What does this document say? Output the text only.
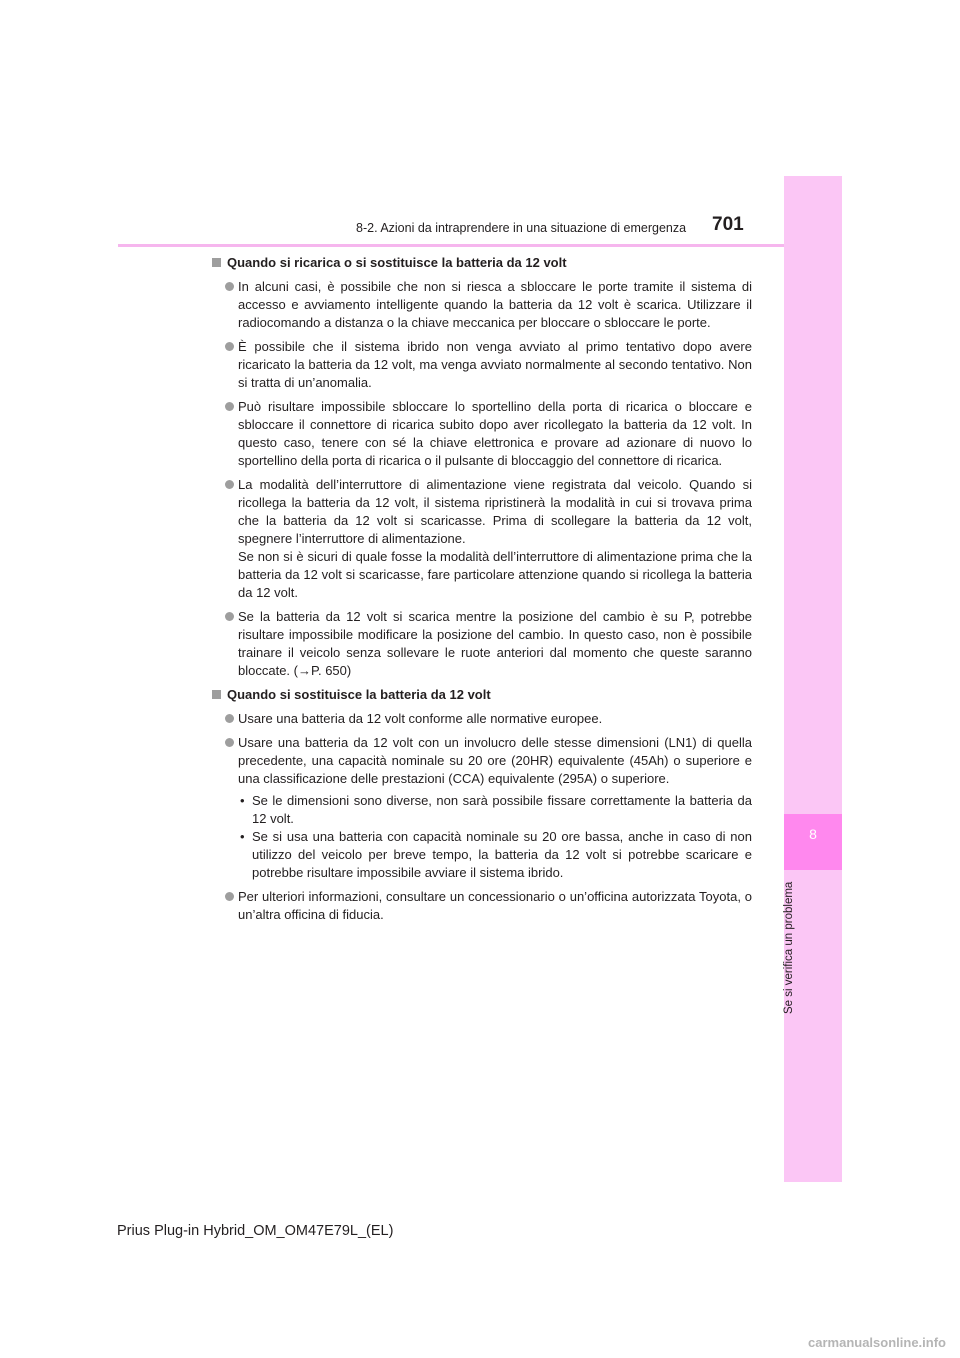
8
Se si verifica un problema
8-2. Azioni da intraprendere in una situazione di emergenza 701
Quando si ricarica o si sostituisce la batteria da 12 volt

In alcuni casi, è possibile che non si riesca a sbloccare le porte tramite il sistema di accesso e avviamento intelligente quando la batteria da 12 volt è scarica. Utilizzare il radiocomando a distanza o la chiave meccanica per bloccare o sbloccare le porte.

È possibile che il sistema ibrido non venga avviato al primo tentativo dopo avere ricaricato la batteria da 12 volt, ma venga avviato normalmente al secondo tentativo. Non si tratta di un’anomalia.

Può risultare impossibile sbloccare lo sportellino della porta di ricarica o bloccare e sbloccare il connettore di ricarica subito dopo aver ricollegato la batteria da 12 volt. In questo caso, tenere con sé la chiave elettronica e provare ad azionare di nuovo lo sportellino della porta di ricarica o il pulsante di bloccaggio del connettore di ricarica.

La modalità dell’interruttore di alimentazione viene registrata dal veicolo. Quando si ricollega la batteria da 12 volt, il sistema ripristinerà la modalità in cui si trovava prima che la batteria da 12 volt si scaricasse. Prima di scollegare la batteria da 12 volt, spegnere l’interruttore di alimentazione.

Se non si è sicuri di quale fosse la modalità dell’interruttore di alimentazione prima che la batteria da 12 volt si scaricasse, fare particolare attenzione quando si ricollega la batteria da 12 volt.

Se la batteria da 12 volt si scarica mentre la posizione del cambio è su P, potrebbe risultare impossibile modificare la posizione del cambio. In questo caso, non è possibile trainare il veicolo senza sollevare le ruote anteriori dal momento che queste saranno bloccate. (→P. 650)

Quando si sostituisce la batteria da 12 volt

Usare una batteria da 12 volt conforme alle normative europee.

Usare una batteria da 12 volt con un involucro delle stesse dimensioni (LN1) di quella precedente, una capacità nominale su 20 ore (20HR) equivalente (45Ah) o superiore e una classificazione delle prestazioni (CCA) equivalente (295A) o superiore.

• Se le dimensioni sono diverse, non sarà possibile fissare correttamente la batteria da 12 volt.

• Se si usa una batteria con capacità nominale su 20 ore bassa, anche in caso di non utilizzo del veicolo per breve tempo, la batteria da 12 volt si potrebbe scaricare e potrebbe risultare impossibile avviare il sistema ibrido.

Per ulteriori informazioni, consultare un concessionario o un’officina autorizzata Toyota, o un’altra officina di fiducia.

Prius Plug-in Hybrid_OM_OM47E79L_(EL)
carmanualsonline.info
